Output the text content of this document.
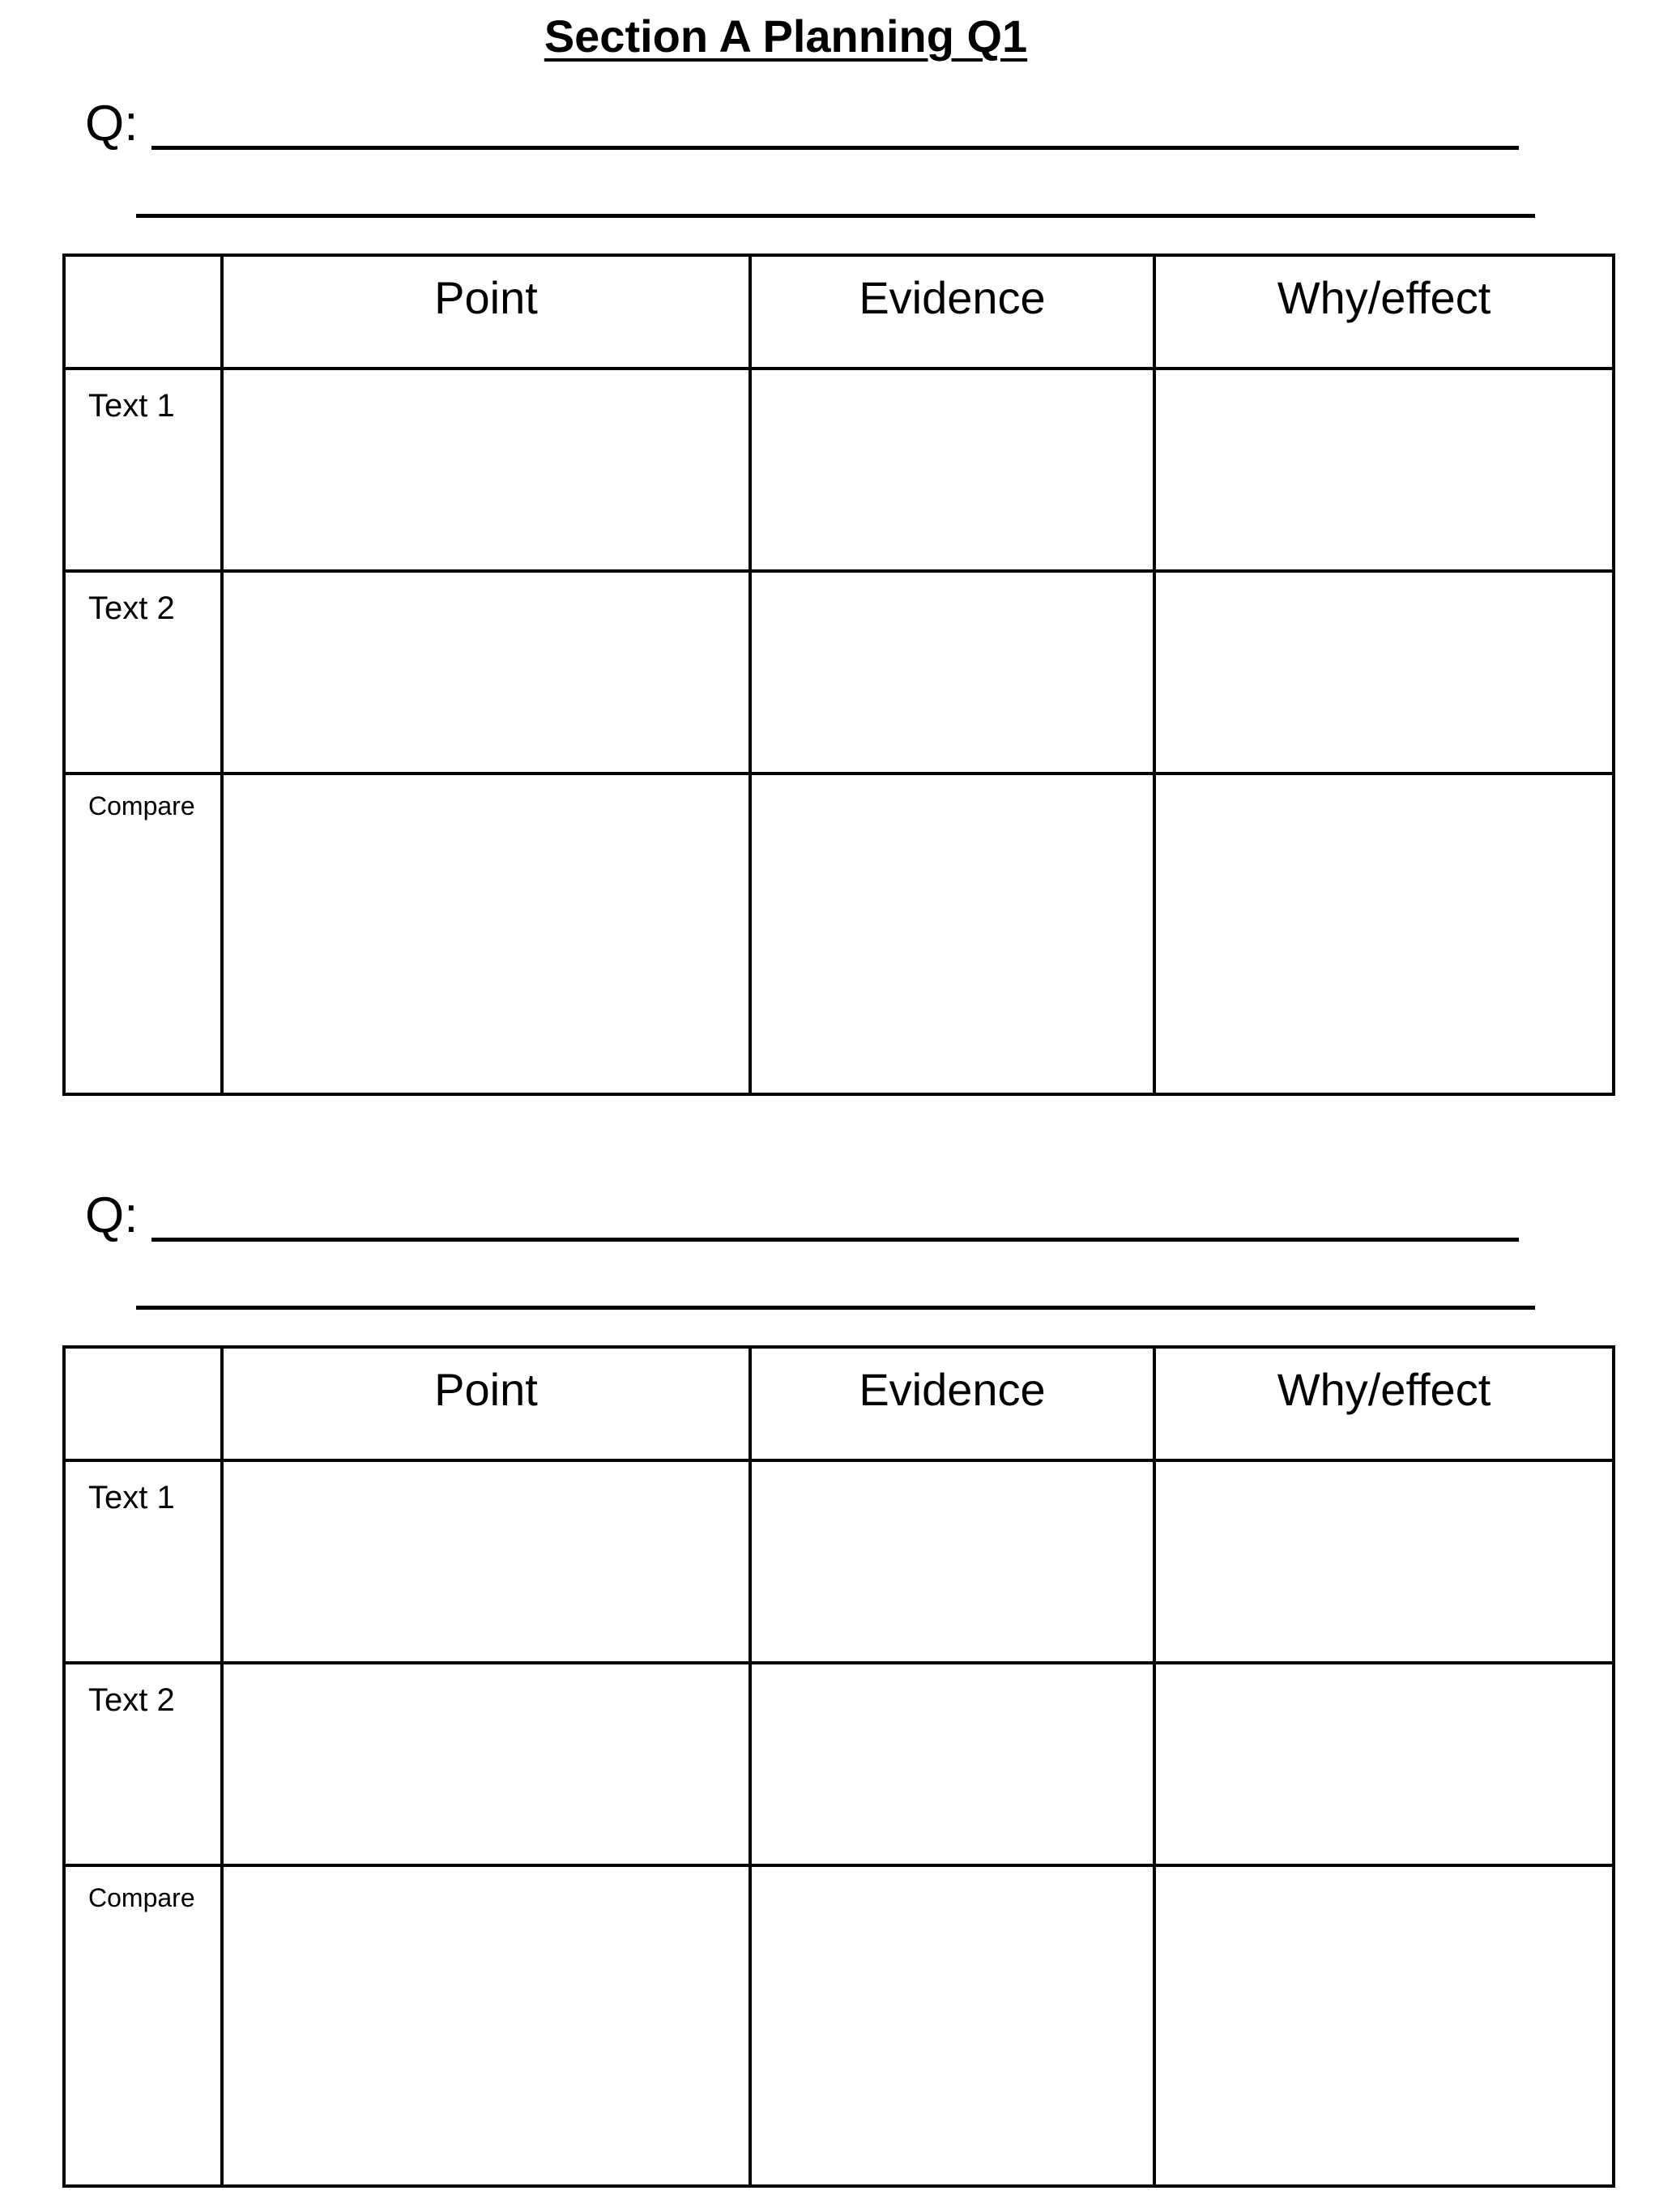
Section A Planning Q1
Q:
	Point	Evidence	Why/effect
Text 1			
Text 2			
Compare			
Q:
	Point	Evidence	Why/effect
Text 1			
Text 2			
Compare			
